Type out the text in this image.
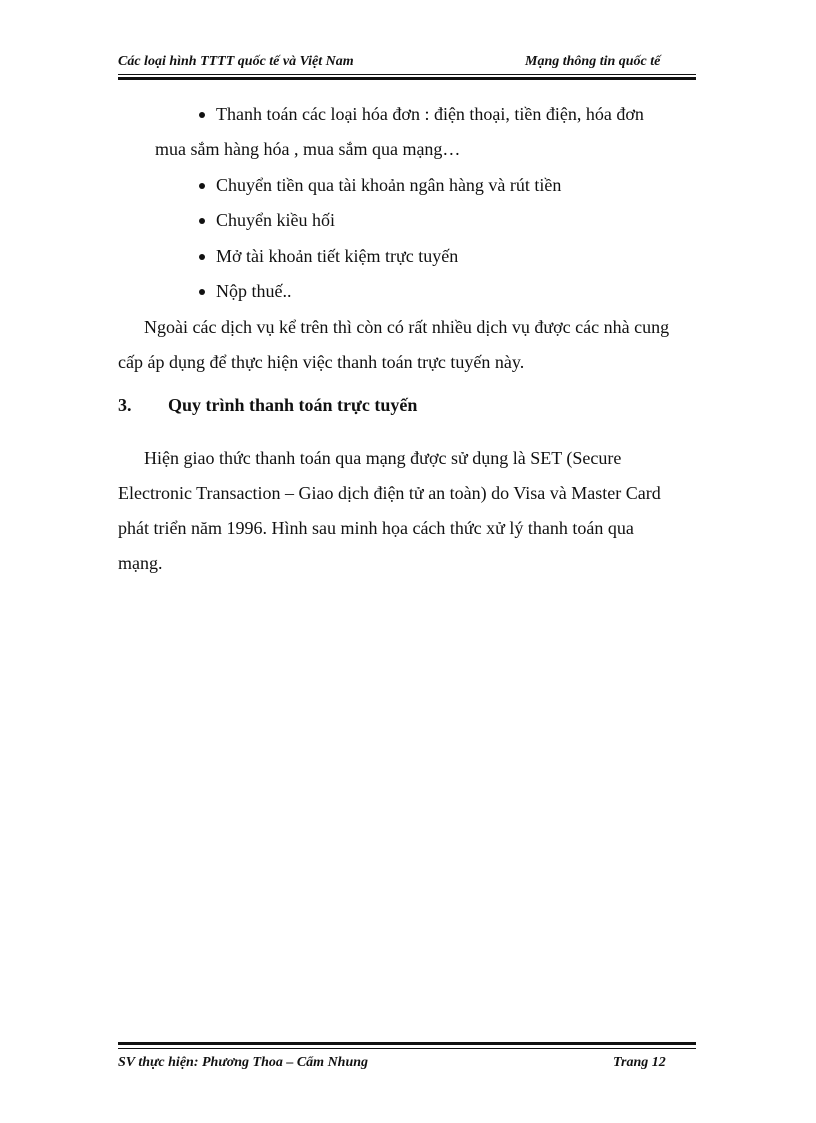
Các loại hình TTTT quốc tế và Việt Nam	Mạng thông tin quốc tế
Thanh toán các loại hóa đơn : điện thoại, tiền điện, hóa đơn
mua sắm hàng hóa , mua sắm qua mạng…
Chuyển tiền qua tài khoản ngân hàng và rút tiền
Chuyển kiều hối
Mở tài khoản tiết kiệm trực tuyến
Nộp thuế..
Ngoài các dịch vụ kể trên thì còn có rất nhiều dịch vụ được các nhà cung
cấp áp dụng để thực hiện việc thanh toán trực tuyến này.
3. Quy trình thanh toán trực tuyến
Hiện giao thức thanh toán qua mạng được sử dụng là SET (Secure
Electronic Transaction – Giao dịch điện tử an toàn) do Visa và Master Card
phát triển năm 1996. Hình sau minh họa cách thức xử lý thanh toán qua
mạng.
SV thực hiện: Phương Thoa – Cẩm Nhung	Trang 12
